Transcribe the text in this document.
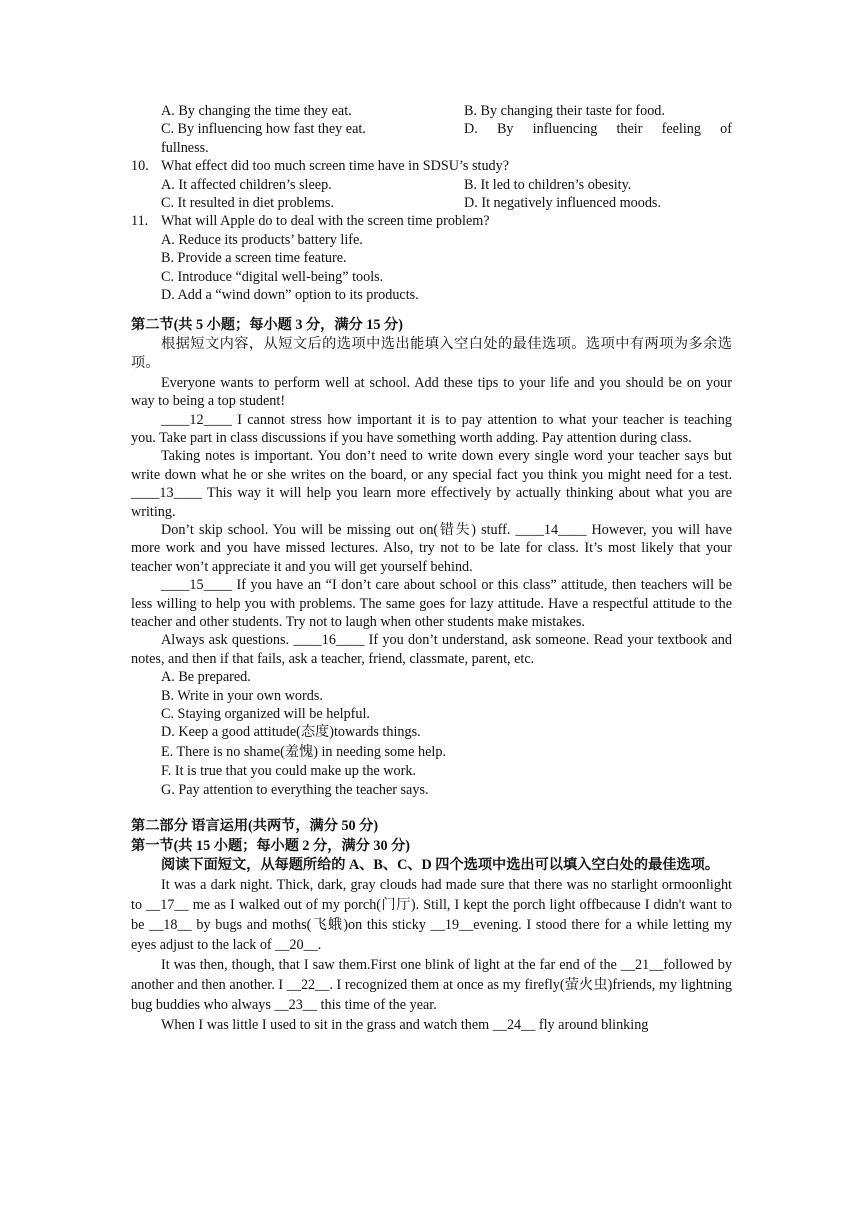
A. By changing the time they eat.	B. By changing their taste for food.
C. By influencing how fast they eat.	D. By influencing their feeling of
fullness.
10. What effect did too much screen time have in SDSU’s study?
A. It affected children’s sleep.	B. It led to children’s obesity.
C. It resulted in diet problems.	D. It negatively influenced moods.
11. What will Apple do to deal with the screen time problem?
A. Reduce its products’ battery life.
B. Provide a screen time feature.
C. Introduce “digital well-being” tools.
D. Add a “wind down” option to its products.
第二节(共 5 小题；每小题 3 分，满分 15 分)

根据短文内容，从短文后的选项中选出能填入空白处的最佳选项。选项中有两项为多余选项。

Everyone wants to perform well at school. Add these tips to your life and you should be on your way to being a top student!

____12____ I cannot stress how important it is to pay attention to what your teacher is teaching you. Take part in class discussions if you have something worth adding. Pay attention during class.

Taking notes is important. You don’t need to write down every single word your teacher says but write down what he or she writes on the board, or any special fact you think you might need for a test. ____13____ This way it will help you learn more effectively by actually thinking about what you are writing.

Don’t skip school. You will be missing out on(错失) stuff. ____14____ However, you will have more work and you have missed lectures. Also, try not to be late for class. It’s most likely that your teacher won’t appreciate it and you will get yourself behind.

____15____ If you have an “I don’t care about school or this class” attitude, then teachers will be less willing to help you with problems. The same goes for lazy attitude. Have a respectful attitude to the teacher and other students. Try not to laugh when other students make mistakes.

Always ask questions. ____16____ If you don’t understand, ask someone. Read your textbook and notes, and then if that fails, ask a teacher, friend, classmate, parent, etc.

A. Be prepared.
B. Write in your own words.
C. Staying organized will be helpful.
D. Keep a good attitude(态度)towards things.
E. There is no shame(羞愧) in needing some help.
F. It is true that you could make up the work.
G. Pay attention to everything the teacher says.
第二部分 语言运用(共两节，满分 50 分)
第一节(共 15 小题；每小题 2 分，满分 30 分)

阅读下面短文，从每题所给的 A、B、C、D 四个选项中选出可以填入空白处的最佳选项。

It was a dark night. Thick, dark, gray clouds had made sure that there was no starlight ormoonlight to __17__ me as I walked out of my porch(门厅). Still, I kept the porch light offbecause I didn't want to be __18__ by bugs and moths(飞蛾)on this sticky __19__evening. I stood there for a while letting my eyes adjust to the lack of __20__.

It was then, though, that I saw them.First one blink of light at the far end of the __21__followed by another and then another. I __22__. I recognized them at once as my firefly(萤火虫)friends, my lightning bug buddies who always __23__ this time of the year.

When I was little I used to sit in the grass and watch them __24__ fly around blinking
